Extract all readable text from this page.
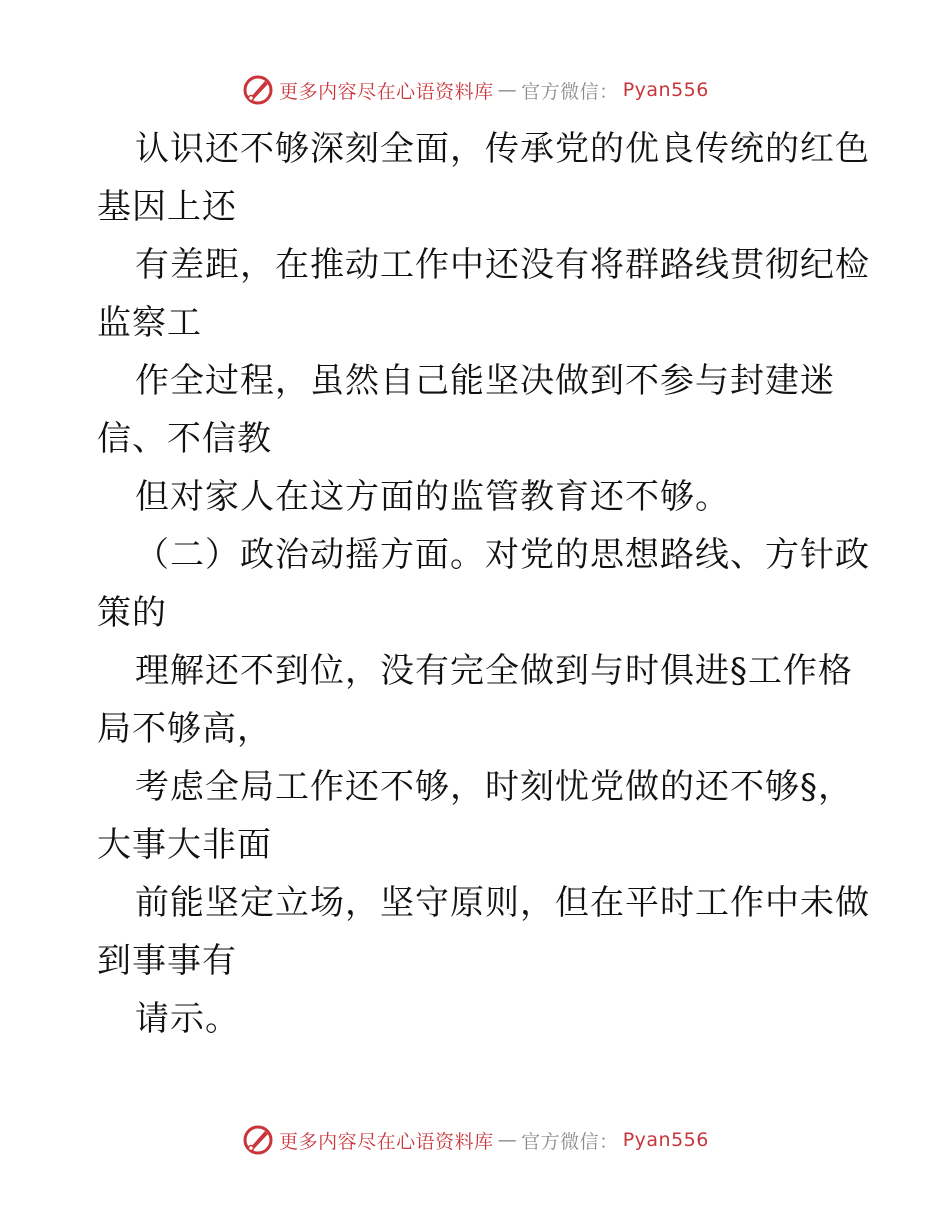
更多内容尽在心语资料库 — 官方微信： Pyan556
认识还不够深刻全面，传承党的优良传统的红色
基因上还
有差距，在推动工作中还没有将群路线贯彻纪检
监察工
作全过程，虽然自己能坚决做到不参与封建迷
信、不信教
但对家人在这方面的监管教育还不够。
（二）政治动摇方面。对党的思想路线、方针政
策的
理解还不到位，没有完全做到与时俱进§工作格
局不够高，
考虑全局工作还不够，时刻忧党做的还不够§，
大事大非面
前能坚定立场，坚守原则，但在平时工作中未做
到事事有
请示。
更多内容尽在心语资料库 — 官方微信： Pyan556
